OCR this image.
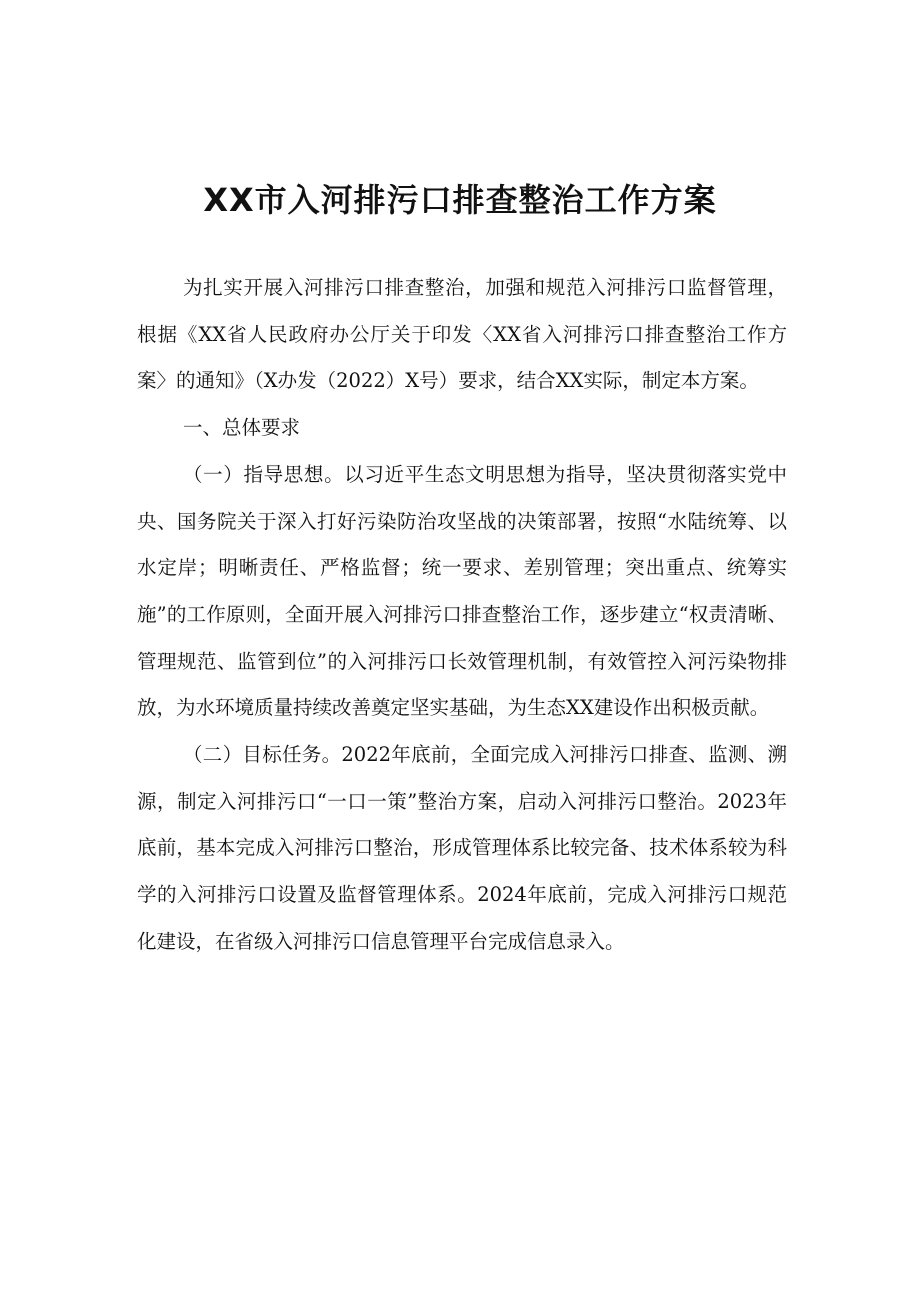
XX市入河排污口排查整治工作方案

为扎实开展入河排污口排查整治，加强和规范入河排污口监督管理，根据《XX省人民政府办公厅关于印发〈XX省入河排污口排查整治工作方案〉的通知》（X办发（2022）X号）要求，结合XX实际，制定本方案。

一、总体要求

（一）指导思想。以习近平生态文明思想为指导，坚决贯彻落实党中央、国务院关于深入打好污染防治攻坚战的决策部署，按照“水陆统筹、以水定岸；明晰责任、严格监督；统一要求、差别管理；突出重点、统筹实施”的工作原则，全面开展入河排污口排查整治工作，逐步建立“权责清晰、管理规范、监管到位”的入河排污口长效管理机制，有效管控入河污染物排放，为水环境质量持续改善奠定坚实基础，为生态XX建设作出积极贡献。

（二）目标任务。2022年底前，全面完成入河排污口排查、监测、溯源，制定入河排污口“一口一策”整治方案，启动入河排污口整治。2023年底前，基本完成入河排污口整治，形成管理体系比较完备、技术体系较为科学的入河排污口设置及监督管理体系。2024年底前，完成入河排污口规范化建设，在省级入河排污口信息管理平台完成信息录入。
